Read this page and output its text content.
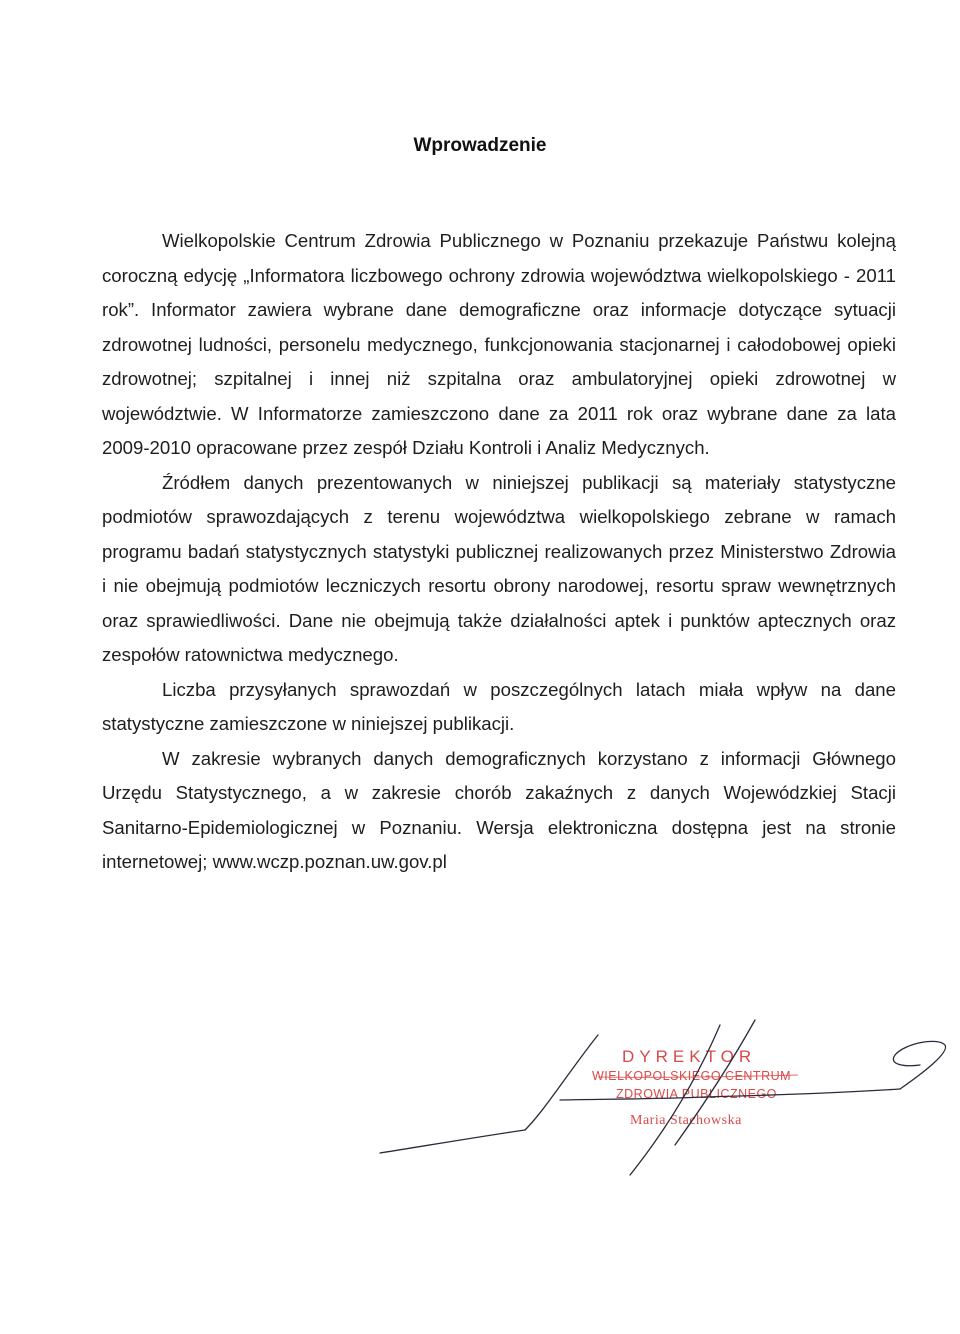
Wprowadzenie

Wielkopolskie Centrum Zdrowia Publicznego w Poznaniu przekazuje Państwu kolejną coroczną edycję „Informatora liczbowego ochrony zdrowia województwa wielkopolskiego - 2011 rok”. Informator zawiera wybrane dane demograficzne oraz informacje dotyczące sytuacji zdrowotnej ludności, personelu medycznego, funkcjonowania stacjonarnej i całodobowej opieki zdrowotnej; szpitalnej i innej niż szpitalna oraz ambulatoryjnej opieki zdrowotnej w województwie. W Informatorze zamieszczono dane za 2011 rok oraz wybrane dane za lata 2009-2010 opracowane przez zespół Działu Kontroli i Analiz Medycznych.

Źródłem danych prezentowanych w niniejszej publikacji są materiały statystyczne podmiotów sprawozdających z terenu województwa wielkopolskiego zebrane w ramach programu badań statystycznych statystyki publicznej realizowanych przez Ministerstwo Zdrowia i nie obejmują podmiotów leczniczych resortu obrony narodowej, resortu spraw wewnętrznych oraz sprawiedliwości. Dane nie obejmują także działalności aptek i punktów aptecznych oraz zespołów ratownictwa medycznego.

Liczba przysyłanych sprawozdań w poszczególnych latach miała wpływ na dane statystyczne zamieszczone w niniejszej publikacji.

W zakresie wybranych danych demograficznych korzystano z informacji Głównego Urzędu Statystycznego, a w zakresie chorób zakaźnych z danych Wojewódzkiej Stacji Sanitarno-Epidemiologicznej w Poznaniu. Wersja elektroniczna dostępna jest na stronie internetowej; www.wczp.poznan.uw.gov.pl

DYREKTOR
WIELKOPOLSKIEGO CENTRUM
ZDROWIA PUBLICZNEGO
Maria Stachowska
